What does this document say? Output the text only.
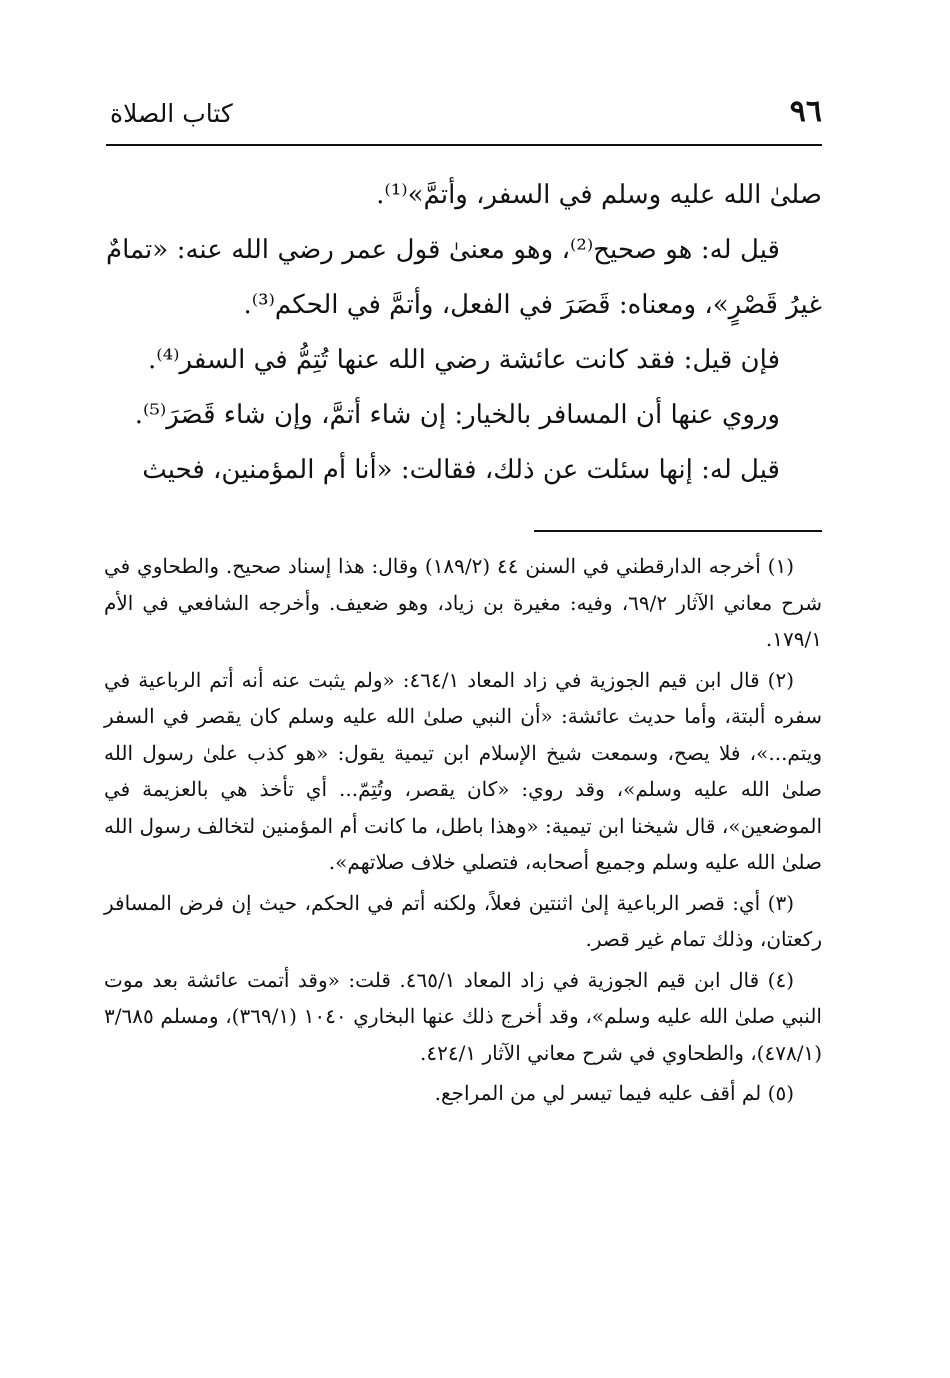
٩٦
كتاب الصلاة

صلىٰ الله عليه وسلم في السفر، وأتمَّ»⁽¹⁾.

قيل له: هو صحيح⁽²⁾، وهو معنىٰ قول عمر رضي الله عنه: «تمامٌ غيرُ قَصْرٍ»، ومعناه: قَصَرَ في الفعل، وأتمَّ في الحكم⁽³⁾.

فإن قيل: فقد كانت عائشة رضي الله عنها تُتِمُّ في السفر⁽⁴⁾.

وروي عنها أن المسافر بالخيار: إن شاء أتمَّ، وإن شاء قَصَرَ⁽⁵⁾.

قيل له: إنها سئلت عن ذلك، فقالت: «أنا أم المؤمنين، فحيث

(١) أخرجه الدارقطني في السنن ٤٤ (١٨٩/٢) وقال: هذا إسناد صحيح. والطحاوي في شرح معاني الآثار ٦٩/٢، وفيه: مغيرة بن زياد، وهو ضعيف. وأخرجه الشافعي في الأم ١٧٩/١.

(٢) قال ابن قيم الجوزية في زاد المعاد ٤٦٤/١: «ولم يثبت عنه أنه أتم الرباعية في سفره ألبتة، وأما حديث عائشة: «أن النبي صلىٰ الله عليه وسلم كان يقصر في السفر ويتم...»، فلا يصح، وسمعت شيخ الإسلام ابن تيمية يقول: «هو كذب علىٰ رسول الله صلىٰ الله عليه وسلم»، وقد روي: «كان يقصر، وتُتِمّ... أي تأخذ هي بالعزيمة في الموضعين»، قال شيخنا ابن تيمية: «وهذا باطل، ما كانت أم المؤمنين لتخالف رسول الله صلىٰ الله عليه وسلم وجميع أصحابه، فتصلي خلاف صلاتهم».

(٣) أي: قصر الرباعية إلىٰ اثنتين فعلاً، ولكنه أتم في الحكم، حيث إن فرض المسافر ركعتان، وذلك تمام غير قصر.

(٤) قال ابن قيم الجوزية في زاد المعاد ٤٦٥/١. قلت: «وقد أتمت عائشة بعد موت النبي صلىٰ الله عليه وسلم»، وقد أخرج ذلك عنها البخاري ١٠٤٠ (٣٦٩/١)، ومسلم ٣/٦٨٥ (٤٧٨/١)، والطحاوي في شرح معاني الآثار ٤٢٤/١.

(٥) لم أقف عليه فيما تيسر لي من المراجع.
